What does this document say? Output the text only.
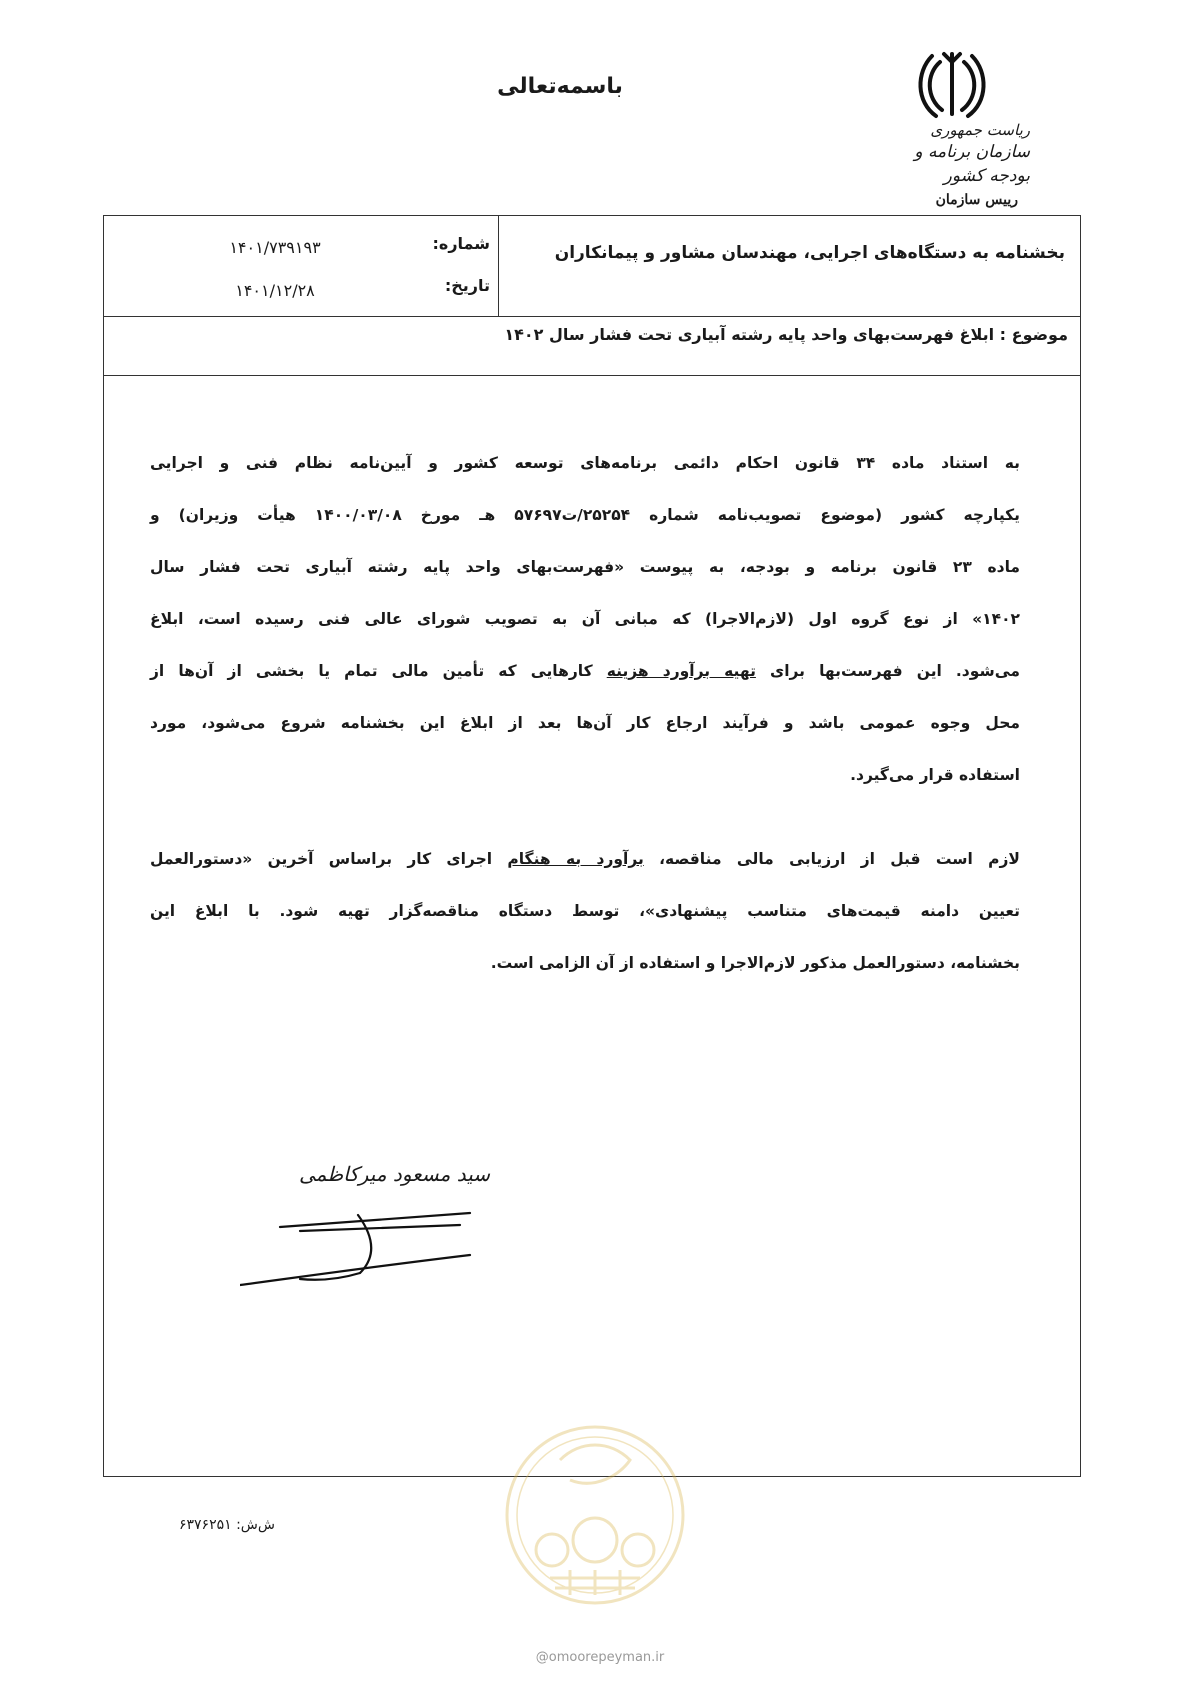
باسمه‌تعالی
ریاست جمهوری
سازمان برنامه و بودجه کشور
رییس سازمان
بخشنامه به دستگاه‌های اجرایی، مهندسان مشاور و پیمانکاران
شماره:
۱۴۰۱/۷۳۹۱۹۳
تاریخ:
۱۴۰۱/۱۲/۲۸
موضوع : ابلاغ فهرست‌بهای واحد پایه رشته آبیاری تحت فشار سال ۱۴۰۲
به استناد ماده ۳۴ قانون احکام دائمی برنامه‌های توسعه کشور و آیین‌نامه نظام فنی و اجرایی
یکپارچه کشور (موضوع تصویب‌نامه شماره ۲۵۲۵۴/ت۵۷۶۹۷ هـ مورخ ۱۴۰۰/۰۳/۰۸ هیأت وزیران) و
ماده ۲۳ قانون برنامه و بودجه، به پیوست «فهرست‌بهای واحد پایه رشته آبیاری تحت فشار سال
۱۴۰۲» از نوع گروه اول (لازم‌الاجرا) که مبانی آن به تصویب شورای عالی فنی رسیده است، ابلاغ
می‌شود. این فهرست‌بها برای تهیه برآورد هزینه کارهایی که تأمین مالی تمام یا بخشی از آن‌ها از
محل وجوه عمومی باشد و فرآیند ارجاع کار آن‌ها بعد از ابلاغ این بخشنامه شروع می‌شود، مورد
استفاده قرار می‌گیرد.
لازم است قبل از ارزیابی مالی مناقصه، برآورد به هنگام اجرای کار براساس آخرین «دستورالعمل
تعیین دامنه قیمت‌های متناسب پیشنهادی»، توسط دستگاه مناقصه‌گزار تهیه شود. با ابلاغ این
بخشنامه، دستورالعمل مذکور لازم‌الاجرا و استفاده از آن الزامی است.
سید مسعود میرکاظمی
ش‌ش: ۶۳۷۶۲۵۱
@omoorepeyman.ir
